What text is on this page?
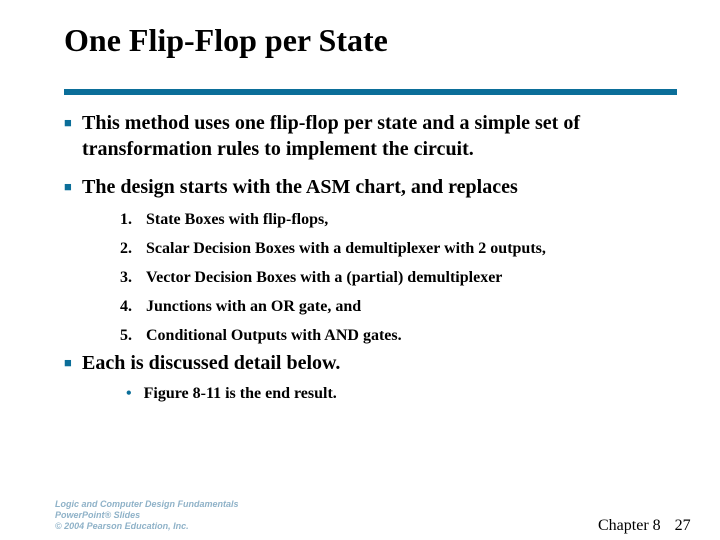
One Flip-Flop per State
■ This method uses one flip-flop per state and a simple set of transformation rules to implement the circuit.
■ The design starts with the ASM chart, and replaces
1. State Boxes with flip-flops,
2. Scalar Decision Boxes with a demultiplexer with 2 outputs,
3. Vector Decision Boxes with a (partial) demultiplexer
4. Junctions with an OR gate, and
5. Conditional Outputs with AND gates.
■ Each is discussed detail below.
• Figure 8-11 is the end result.
Logic and Computer Design Fundamentals
PowerPoint® Slides
© 2004 Pearson Education, Inc.	Chapter 8 27
